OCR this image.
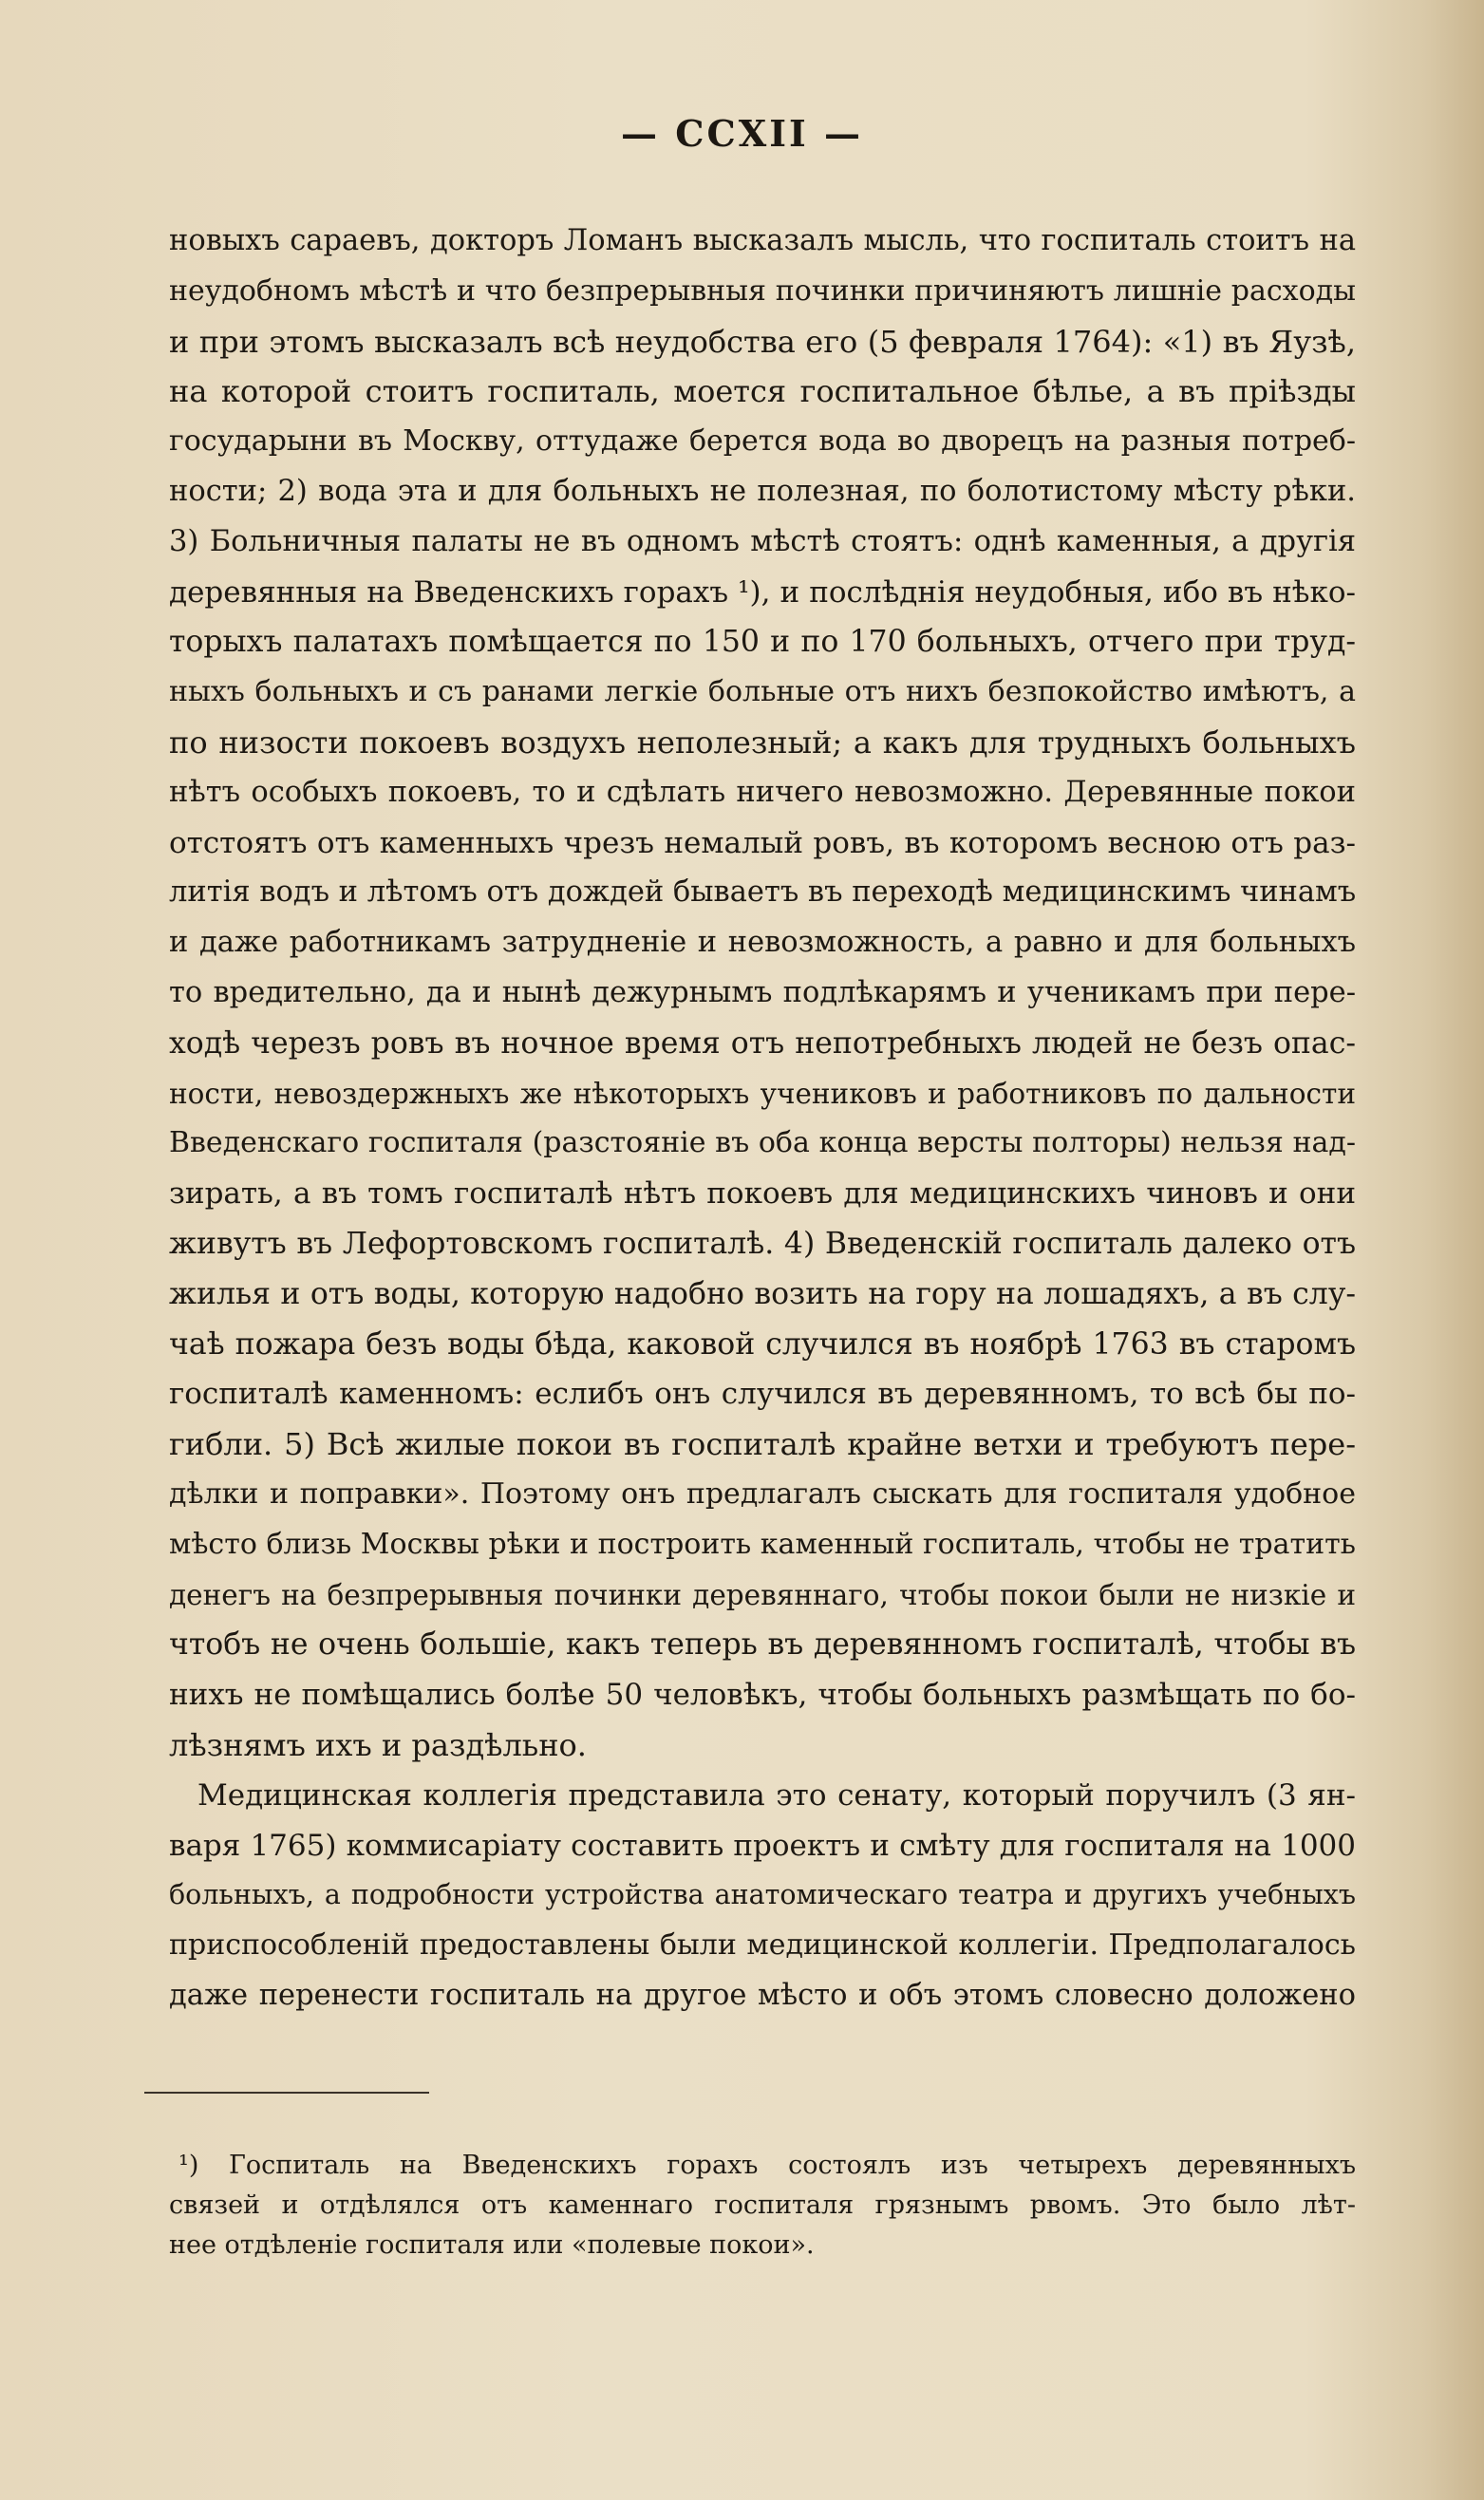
— CCXII —
новыхъ сараевъ, докторъ Ломанъ высказалъ мысль, что госпиталь стоитъ на
неудобномъ мѣстѣ и что безпрерывныя починки причиняютъ лишніе расходы
и при этомъ высказалъ всѣ неудобства его (5 февраля 1764): «1) въ Яузѣ,
на которой стоитъ госпиталь, моется госпитальное бѣлье, а въ пріѣзды
государыни въ Москву, оттудаже берется вода во дворецъ на разныя потреб-
ности; 2) вода эта и для больныхъ не полезная, по болотистому мѣсту рѣки.
3) Больничныя палаты не въ одномъ мѣстѣ стоятъ: однѣ каменныя, а другія
деревянныя на Введенскихъ горахъ ¹), и послѣднія неудобныя, ибо въ нѣко-
торыхъ палатахъ помѣщается по 150 и по 170 больныхъ, отчего при труд-
ныхъ больныхъ и съ ранами легкіе больные отъ нихъ безпокойство имѣютъ, а
по низости покоевъ воздухъ неполезный; а какъ для трудныхъ больныхъ
нѣтъ особыхъ покоевъ, то и сдѣлать ничего невозможно. Деревянные покои
отстоятъ отъ каменныхъ чрезъ немалый ровъ, въ которомъ весною отъ раз-
литія водъ и лѣтомъ отъ дождей бываетъ въ переходѣ медицинскимъ чинамъ
и даже работникамъ затрудненіе и невозможность, а равно и для больныхъ
то вредительно, да и нынѣ дежурнымъ подлѣкарямъ и ученикамъ при пере-
ходѣ черезъ ровъ въ ночное время отъ непотребныхъ людей не безъ опас-
ности, невоздержныхъ же нѣкоторыхъ учениковъ и работниковъ по дальности
Введенскаго госпиталя (разстояніе въ оба конца версты полторы) нельзя над-
зирать, а въ томъ госпиталѣ нѣтъ покоевъ для медицинскихъ чиновъ и они
живутъ въ Лефортовскомъ госпиталѣ. 4) Введенскій госпиталь далеко отъ
жилья и отъ воды, которую надобно возить на гору на лошадяхъ, а въ слу-
чаѣ пожара безъ воды бѣда, каковой случился въ ноябрѣ 1763 въ старомъ
госпиталѣ каменномъ: еслибъ онъ случился въ деревянномъ, то всѣ бы по-
гибли. 5) Всѣ жилые покои въ госпиталѣ крайне ветхи и требуютъ пере-
дѣлки и поправки». Поэтому онъ предлагалъ сыскать для госпиталя удобное
мѣсто близь Москвы рѣки и построить каменный госпиталь, чтобы не тратить
денегъ на безпрерывныя починки деревяннаго, чтобы покои были не низкіе и
чтобъ не очень большіе, какъ теперь въ деревянномъ госпиталѣ, чтобы въ
нихъ не помѣщались болѣе 50 человѣкъ, чтобы больныхъ размѣщать по бо-
лѣзнямъ ихъ и раздѣльно.
Медицинская коллегія представила это сенату, который поручилъ (3 ян-
варя 1765) коммисаріату составить проектъ и смѣту для госпиталя на 1000
больныхъ, а подробности устройства анатомическаго театра и другихъ учебныхъ
приспособленій предоставлены были медицинской коллегіи. Предполагалось
даже перенести госпиталь на другое мѣсто и объ этомъ словесно доложено
¹) Госпиталь на Введенскихъ горахъ состоялъ изъ четырехъ деревянныхъ
связей и отдѣлялся отъ каменнаго госпиталя грязнымъ рвомъ. Это было лѣт-
нее отдѣленіе госпиталя или «полевые покои».
